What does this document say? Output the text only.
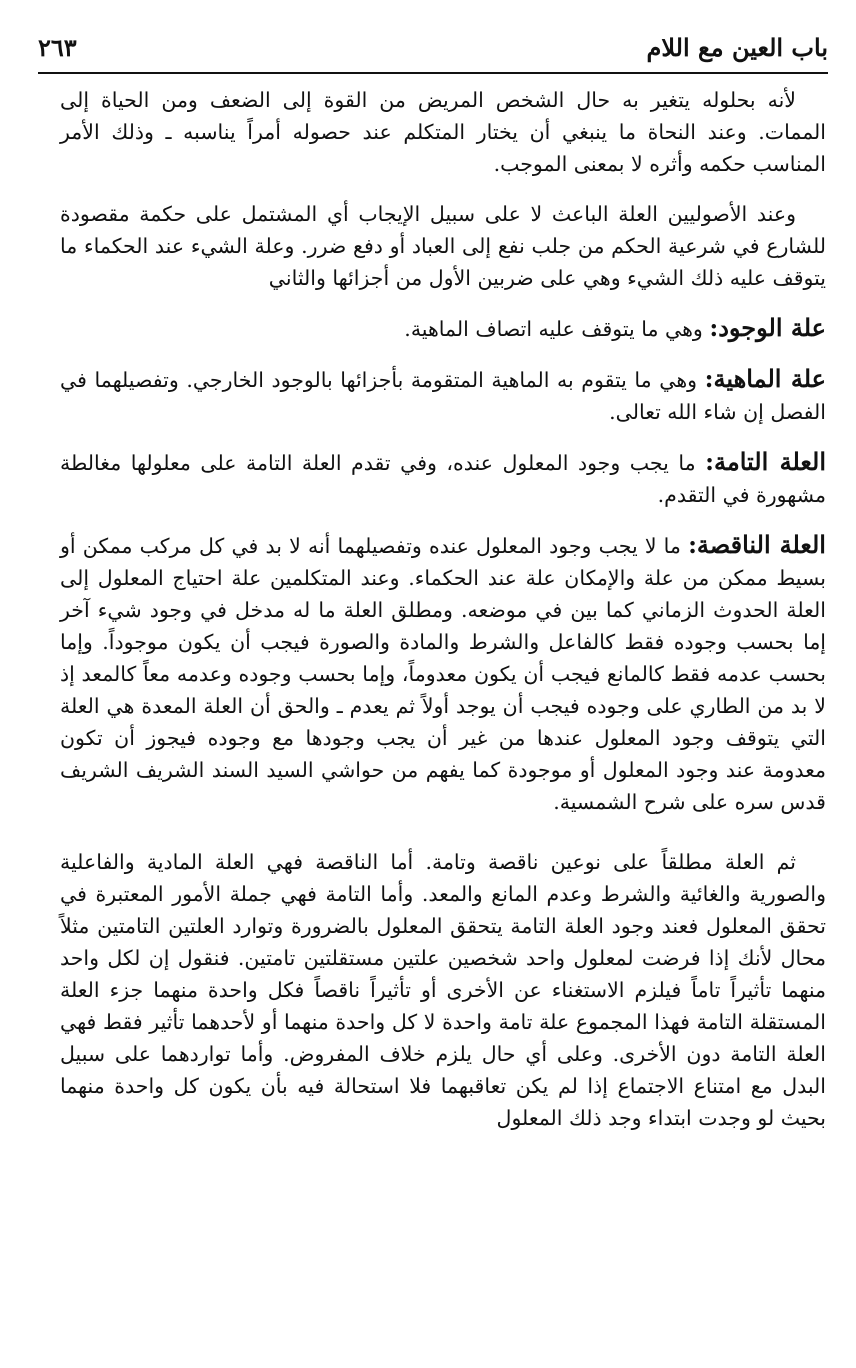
باب العين مع اللام
٢٦٣

لأنه بحلوله يتغير به حال الشخص المريض من القوة إلى الضعف ومن الحياة إلى الممات. وعند النحاة ما ينبغي أن يختار المتكلم عند حصوله أمراً يناسبه ـ وذلك الأمر المناسب حكمه وأثره لا بمعنى الموجب.

وعند الأصوليين العلة الباعث لا على سبيل الإيجاب أي المشتمل على حكمة مقصودة للشارع في شرعية الحكم من جلب نفع إلى العباد أو دفع ضرر. وعلة الشيء عند الحكماء ما يتوقف عليه ذلك الشيء وهي على ضربين الأول من أجزائها والثاني

علة الوجود: وهي ما يتوقف عليه اتصاف الماهية.

علة الماهية: وهي ما يتقوم به الماهية المتقومة بأجزائها بالوجود الخارجي. وتفصيلهما في الفصل إن شاء الله تعالى.

العلة التامة: ما يجب وجود المعلول عنده، وفي تقدم العلة التامة على معلولها مغالطة مشهورة في التقدم.

العلة الناقصة: ما لا يجب وجود المعلول عنده وتفصيلهما أنه لا بد في كل مركب ممكن أو بسيط ممكن من علة والإمكان علة عند الحكماء. وعند المتكلمين علة احتياج المعلول إلى العلة الحدوث الزماني كما بين في موضعه. ومطلق العلة ما له مدخل في وجود شيء آخر إما بحسب وجوده فقط كالفاعل والشرط والمادة والصورة فيجب أن يكون موجوداً. وإما بحسب عدمه فقط كالمانع فيجب أن يكون معدوماً، وإما بحسب وجوده وعدمه معاً كالمعد إذ لا بد من الطاري على وجوده فيجب أن يوجد أولاً ثم يعدم ـ والحق أن العلة المعدة هي العلة التي يتوقف وجود المعلول عندها من غير أن يجب وجودها مع وجوده فيجوز أن تكون معدومة عند وجود المعلول أو موجودة كما يفهم من حواشي السيد السند الشريف الشريف قدس سره على شرح الشمسية.

ثم العلة مطلقاً على نوعين ناقصة وتامة. أما الناقصة فهي العلة المادية والفاعلية والصورية والغائية والشرط وعدم المانع والمعد. وأما التامة فهي جملة الأمور المعتبرة في تحقق المعلول فعند وجود العلة التامة يتحقق المعلول بالضرورة وتوارد العلتين التامتين مثلاً محال لأنك إذا فرضت لمعلول واحد شخصين علتين مستقلتين تامتين. فنقول إن لكل واحد منهما تأثيراً تاماً فيلزم الاستغناء عن الأخرى أو تأثيراً ناقصاً فكل واحدة منهما جزء العلة المستقلة التامة فهذا المجموع علة تامة واحدة لا كل واحدة منهما أو لأحدهما تأثير فقط فهي العلة التامة دون الأخرى. وعلى أي حال يلزم خلاف المفروض. وأما تواردهما على سبيل البدل مع امتناع الاجتماع إذا لم يكن تعاقبهما فلا استحالة فيه بأن يكون كل واحدة منهما بحيث لو وجدت ابتداء وجد ذلك المعلول
